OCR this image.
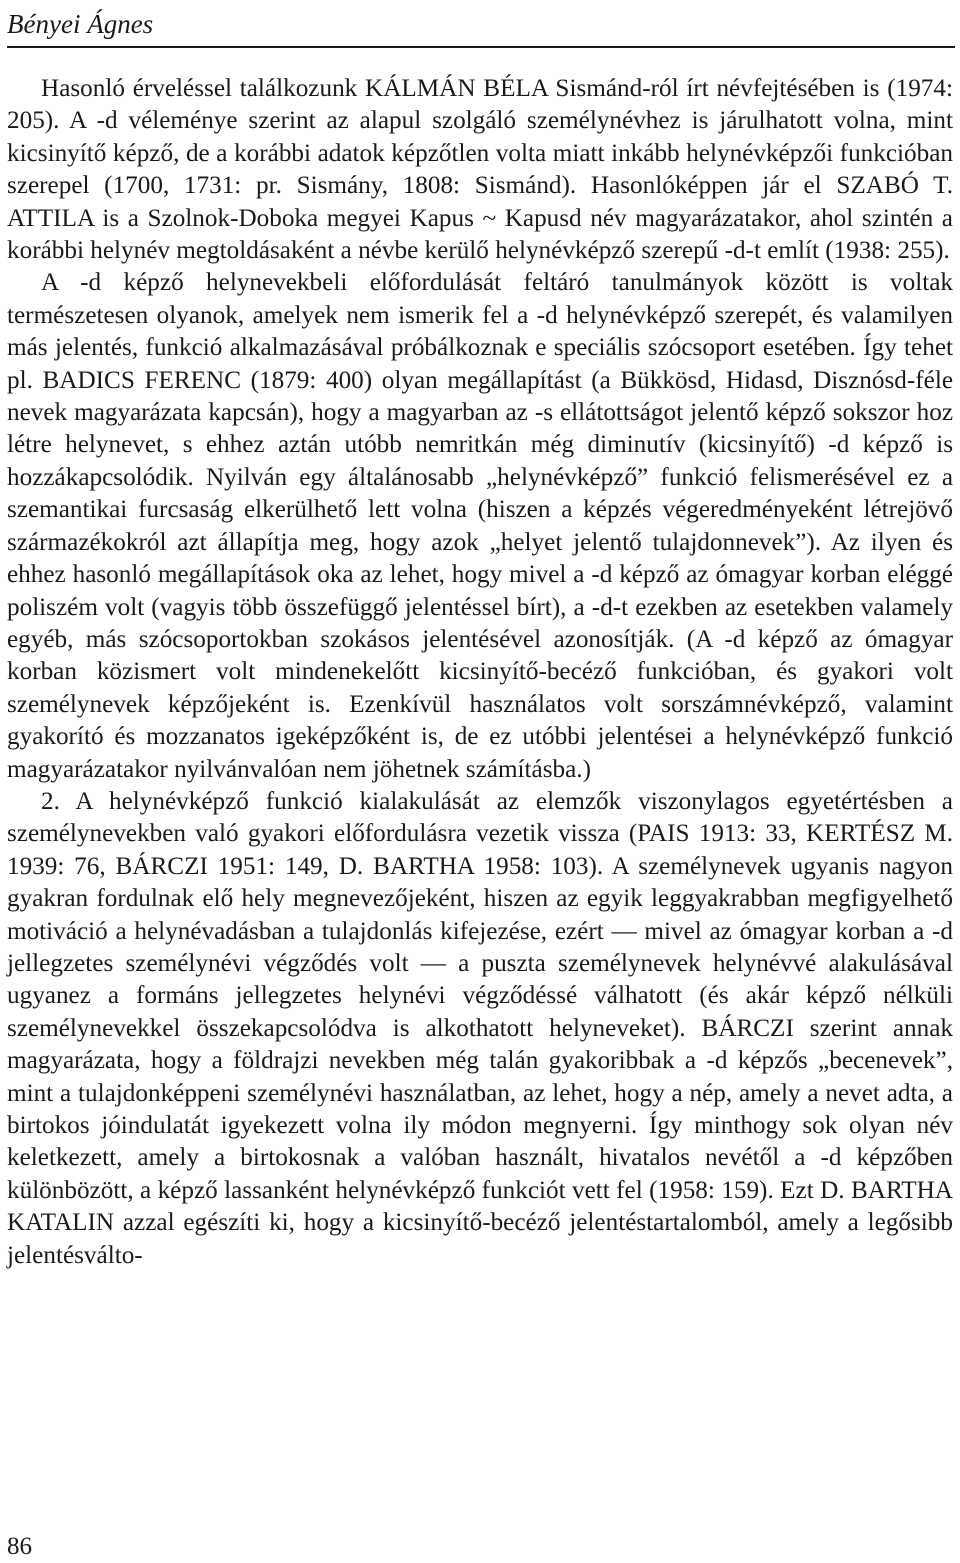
Bényei Ágnes

Hasonló érveléssel találkozunk KÁLMÁN BÉLA Sismánd-ról írt névfejtésében is (1974: 205). A -d véleménye szerint az alapul szolgáló személynévhez is járulhatott volna, mint kicsinyítő képző, de a korábbi adatok képzőtlen volta miatt inkább helynévképzői funkcióban szerepel (1700, 1731: pr. Sismány, 1808: Sismánd). Hasonlóképpen jár el SZABÓ T. ATTILA is a Szolnok-Doboka megyei Kapus ~ Kapusd név magyarázatakor, ahol szintén a korábbi helynév megtoldásaként a névbe kerülő helynévképző szerepű -d-t említ (1938: 255).

A -d képző helynevekbeli előfordulását feltáró tanulmányok között is voltak természetesen olyanok, amelyek nem ismerik fel a -d helynévképző szerepét, és valamilyen más jelentés, funkció alkalmazásával próbálkoznak e speciális szócsoport esetében. Így tehet pl. BADICS FERENC (1879: 400) olyan megállapítást (a Bükkösd, Hidasd, Disznósd-féle nevek magyarázata kapcsán), hogy a magyarban az -s ellátottságot jelentő képző sokszor hoz létre helynevet, s ehhez aztán utóbb nemritkán még diminutív (kicsinyítő) -d képző is hozzákapcsolódik. Nyilván egy általánosabb „helynévképző” funkció felismerésével ez a szemantikai furcsaság elkerülhető lett volna (hiszen a képzés végeredményeként létrejövő származékokról azt állapítja meg, hogy azok „helyet jelentő tulajdonnevek”). Az ilyen és ehhez hasonló megállapítások oka az lehet, hogy mivel a -d képző az ómagyar korban eléggé poliszém volt (vagyis több összefüggő jelentéssel bírt), a -d-t ezekben az esetekben valamely egyéb, más szócsoportokban szokásos jelentésével azonosítják. (A -d képző az ómagyar korban közismert volt mindenekelőtt kicsinyítő-becéző funkcióban, és gyakori volt személynevek képzőjeként is. Ezenkívül használatos volt sorszámnévképző, valamint gyakorító és mozzanatos igeképzőként is, de ez utóbbi jelentései a helynévképző funkció magyarázatakor nyilvánvalóan nem jöhetnek számításba.)

2. A helynévképző funkció kialakulását az elemzők viszonylagos egyetértésben a személynevekben való gyakori előfordulásra vezetik vissza (PAIS 1913: 33, KERTÉSZ M. 1939: 76, BÁRCZI 1951: 149, D. BARTHA 1958: 103). A személynevek ugyanis nagyon gyakran fordulnak elő hely megnevezőjeként, hiszen az egyik leggyakrabban megfigyelhető motiváció a helynévadásban a tulajdonlás kifejezése, ezért — mivel az ómagyar korban a -d jellegzetes személynévi végződés volt — a puszta személynevek helynévvé alakulásával ugyanez a formáns jellegzetes helynévi végződéssé válhatott (és akár képző nélküli személynevekkel összekapcsolódva is alkothatott helyneveket). BÁRCZI szerint annak magyarázata, hogy a földrajzi nevekben még talán gyakoribbak a -d képzős „becenevek”, mint a tulajdonképpeni személynévi használatban, az lehet, hogy a nép, amely a nevet adta, a birtokos jóindulatát igyekezett volna ily módon megnyerni. Így minthogy sok olyan név keletkezett, amely a birtokosnak a valóban használt, hivatalos nevétől a -d képzőben különbözött, a képző lassanként helynévképző funkciót vett fel (1958: 159). Ezt D. BARTHA KATALIN azzal egészíti ki, hogy a kicsinyítő-becéző jelentéstartalomból, amely a legősibb jelentésválto-

86
